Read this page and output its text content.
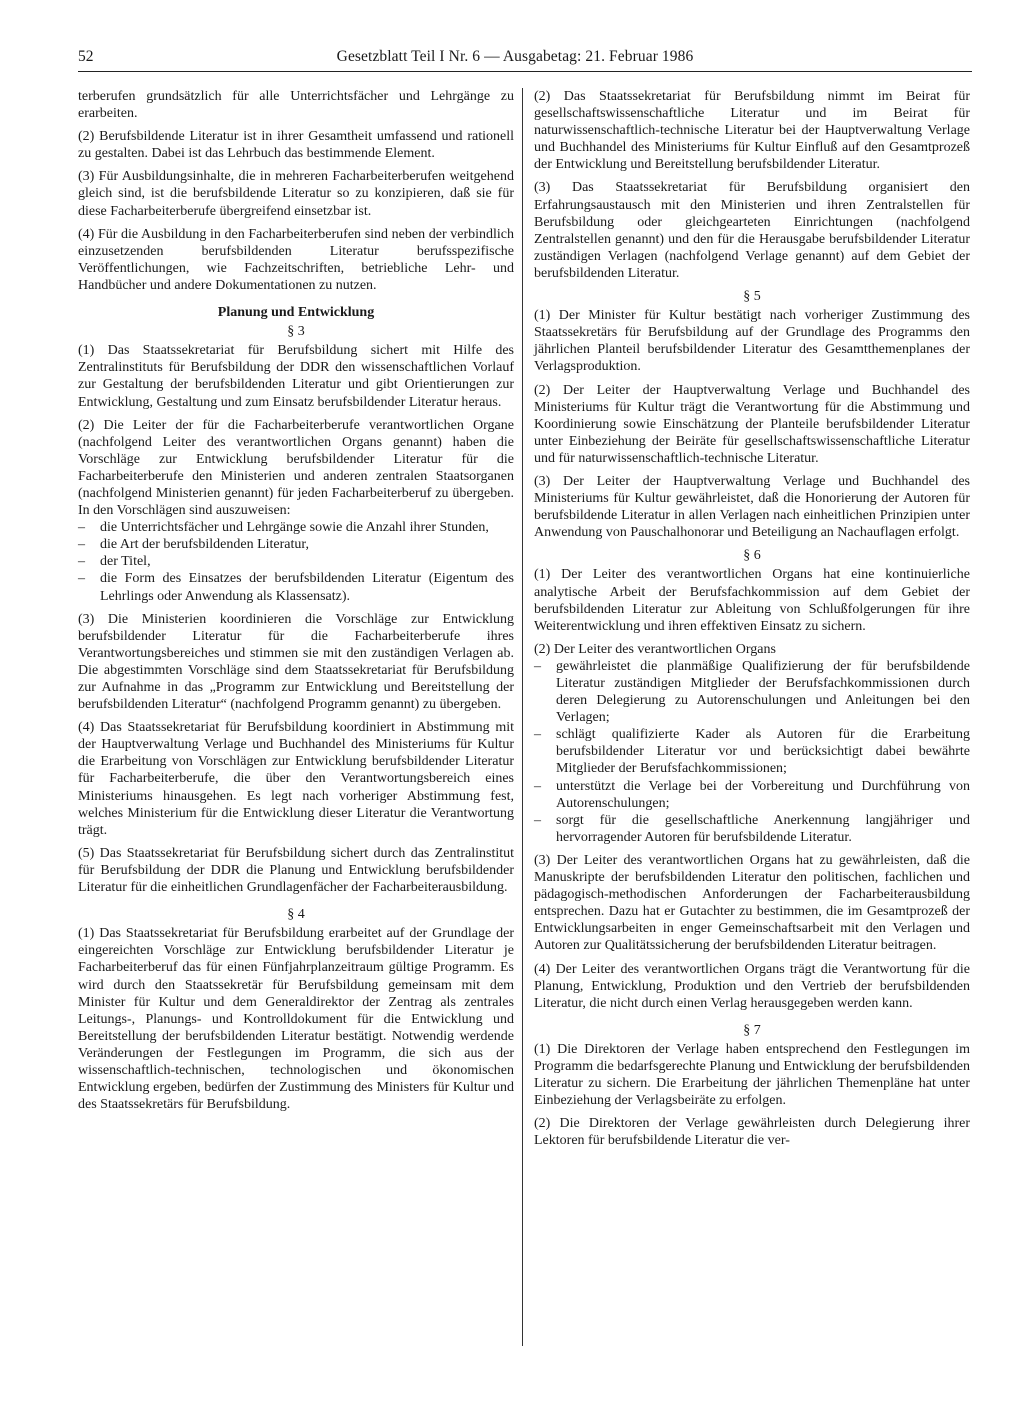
52	Gesetzblatt Teil I Nr. 6 — Ausgabetag: 21. Februar 1986

terberufen grundsätzlich für alle Unterrichtsfächer und Lehrgänge zu erarbeiten.

(2) Berufsbildende Literatur ist in ihrer Gesamtheit umfassend und rationell zu gestalten. Dabei ist das Lehrbuch das bestimmende Element.

(3) Für Ausbildungsinhalte, die in mehreren Facharbeiterberufen weitgehend gleich sind, ist die berufsbildende Literatur so zu konzipieren, daß sie für diese Facharbeiterberufe übergreifend einsetzbar ist.

(4) Für die Ausbildung in den Facharbeiterberufen sind neben der verbindlich einzusetzenden berufsbildenden Literatur berufsspezifische Veröffentlichungen, wie Fachzeitschriften, betriebliche Lehr- und Handbücher und andere Dokumentationen zu nutzen.

Planung und Entwicklung
§ 3

(1) Das Staatssekretariat für Berufsbildung sichert mit Hilfe des Zentralinstituts für Berufsbildung der DDR den wissenschaftlichen Vorlauf zur Gestaltung der berufsbildenden Literatur und gibt Orientierungen zur Entwicklung, Gestaltung und zum Einsatz berufsbildender Literatur heraus.

(2) Die Leiter der für die Facharbeiterberufe verantwortlichen Organe (nachfolgend Leiter des verantwortlichen Organs genannt) haben die Vorschläge zur Entwicklung berufsbildender Literatur für die Facharbeiterberufe den Ministerien und anderen zentralen Staatsorganen (nachfolgend Ministerien genannt) für jeden Facharbeiterberuf zu übergeben. In den Vorschlägen sind auszuweisen:

– die Unterrichtsfächer und Lehrgänge sowie die Anzahl ihrer Stunden,
– die Art der berufsbildenden Literatur,
– der Titel,
– die Form des Einsatzes der berufsbildenden Literatur (Eigentum des Lehrlings oder Anwendung als Klassensatz).

(3) Die Ministerien koordinieren die Vorschläge zur Entwicklung berufsbildender Literatur für die Facharbeiterberufe ihres Verantwortungsbereiches und stimmen sie mit den zuständigen Verlagen ab. Die abgestimmten Vorschläge sind dem Staatssekretariat für Berufsbildung zur Aufnahme in das „Programm zur Entwicklung und Bereitstellung der berufsbildenden Literatur“ (nachfolgend Programm genannt) zu übergeben.

(4) Das Staatssekretariat für Berufsbildung koordiniert in Abstimmung mit der Hauptverwaltung Verlage und Buchhandel des Ministeriums für Kultur die Erarbeitung von Vorschlägen zur Entwicklung berufsbildender Literatur für Facharbeiterberufe, die über den Verantwortungsbereich eines Ministeriums hinausgehen. Es legt nach vorheriger Abstimmung fest, welches Ministerium für die Entwicklung dieser Literatur die Verantwortung trägt.

(5) Das Staatssekretariat für Berufsbildung sichert durch das Zentralinstitut für Berufsbildung der DDR die Planung und Entwicklung berufsbildender Literatur für die einheitlichen Grundlagenfächer der Facharbeiterausbildung.

§ 4

(1) Das Staatssekretariat für Berufsbildung erarbeitet auf der Grundlage der eingereichten Vorschläge zur Entwicklung berufsbildender Literatur je Facharbeiterberuf das für einen Fünfjahrplanzeitraum gültige Programm. Es wird durch den Staatssekretär für Berufsbildung gemeinsam mit dem Minister für Kultur und dem Generaldirektor der Zentrag als zentrales Leitungs-, Planungs- und Kontrolldokument für die Entwicklung und Bereitstellung der berufsbildenden Literatur bestätigt. Notwendig werdende Veränderungen der Festlegungen im Programm, die sich aus der wissenschaftlich-technischen, technologischen und ökonomischen Entwicklung ergeben, bedürfen der Zustimmung des Ministers für Kultur und des Staatssekretärs für Berufsbildung.

(2) Das Staatssekretariat für Berufsbildung nimmt im Beirat für gesellschaftswissenschaftliche Literatur und im Beirat für naturwissenschaftlich-technische Literatur bei der Hauptverwaltung Verlage und Buchhandel des Ministeriums für Kultur Einfluß auf den Gesamtprozeß der Entwicklung und Bereitstellung berufsbildender Literatur.

(3) Das Staatssekretariat für Berufsbildung organisiert den Erfahrungsaustausch mit den Ministerien und ihren Zentralstellen für Berufsbildung oder gleichgearteten Einrichtungen (nachfolgend Zentralstellen genannt) und den für die Herausgabe berufsbildender Literatur zuständigen Verlagen (nachfolgend Verlage genannt) auf dem Gebiet der berufsbildenden Literatur.

§ 5

(1) Der Minister für Kultur bestätigt nach vorheriger Zustimmung des Staatssekretärs für Berufsbildung auf der Grundlage des Programms den jährlichen Planteil berufsbildender Literatur des Gesamtthemenplanes der Verlagsproduktion.

(2) Der Leiter der Hauptverwaltung Verlage und Buchhandel des Ministeriums für Kultur trägt die Verantwortung für die Abstimmung und Koordinierung sowie Einschätzung der Planteile berufsbildender Literatur unter Einbeziehung der Beiräte für gesellschaftswissenschaftliche Literatur und für naturwissenschaftlich-technische Literatur.

(3) Der Leiter der Hauptverwaltung Verlage und Buchhandel des Ministeriums für Kultur gewährleistet, daß die Honorierung der Autoren für berufsbildende Literatur in allen Verlagen nach einheitlichen Prinzipien unter Anwendung von Pauschalhonorar und Beteiligung an Nachauflagen erfolgt.

§ 6

(1) Der Leiter des verantwortlichen Organs hat eine kontinuierliche analytische Arbeit der Berufsfachkommission auf dem Gebiet der berufsbildenden Literatur zur Ableitung von Schlußfolgerungen für ihre Weiterentwicklung und ihren effektiven Einsatz zu sichern.

(2) Der Leiter des verantwortlichen Organs

– gewährleistet die planmäßige Qualifizierung der für berufsbildende Literatur zuständigen Mitglieder der Berufsfachkommissionen durch deren Delegierung zu Autorenschulungen und Anleitungen bei den Verlagen;
– schlägt qualifizierte Kader als Autoren für die Erarbeitung berufsbildender Literatur vor und berücksichtigt dabei bewährte Mitglieder der Berufsfachkommissionen;
– unterstützt die Verlage bei der Vorbereitung und Durchführung von Autorenschulungen;
– sorgt für die gesellschaftliche Anerkennung langjähriger und hervorragender Autoren für berufsbildende Literatur.

(3) Der Leiter des verantwortlichen Organs hat zu gewährleisten, daß die Manuskripte der berufsbildenden Literatur den politischen, fachlichen und pädagogisch-methodischen Anforderungen der Facharbeiterausbildung entsprechen. Dazu hat er Gutachter zu bestimmen, die im Gesamtprozeß der Entwicklungsarbeiten in enger Gemeinschaftsarbeit mit den Verlagen und Autoren zur Qualitätssicherung der berufsbildenden Literatur beitragen.

(4) Der Leiter des verantwortlichen Organs trägt die Verantwortung für die Planung, Entwicklung, Produktion und den Vertrieb der berufsbildenden Literatur, die nicht durch einen Verlag herausgegeben werden kann.

§ 7

(1) Die Direktoren der Verlage haben entsprechend den Festlegungen im Programm die bedarfsgerechte Planung und Entwicklung der berufsbildenden Literatur zu sichern. Die Erarbeitung der jährlichen Themenpläne hat unter Einbeziehung der Verlagsbeiräte zu erfolgen.

(2) Die Direktoren der Verlage gewährleisten durch Delegierung ihrer Lektoren für berufsbildende Literatur die ver-
